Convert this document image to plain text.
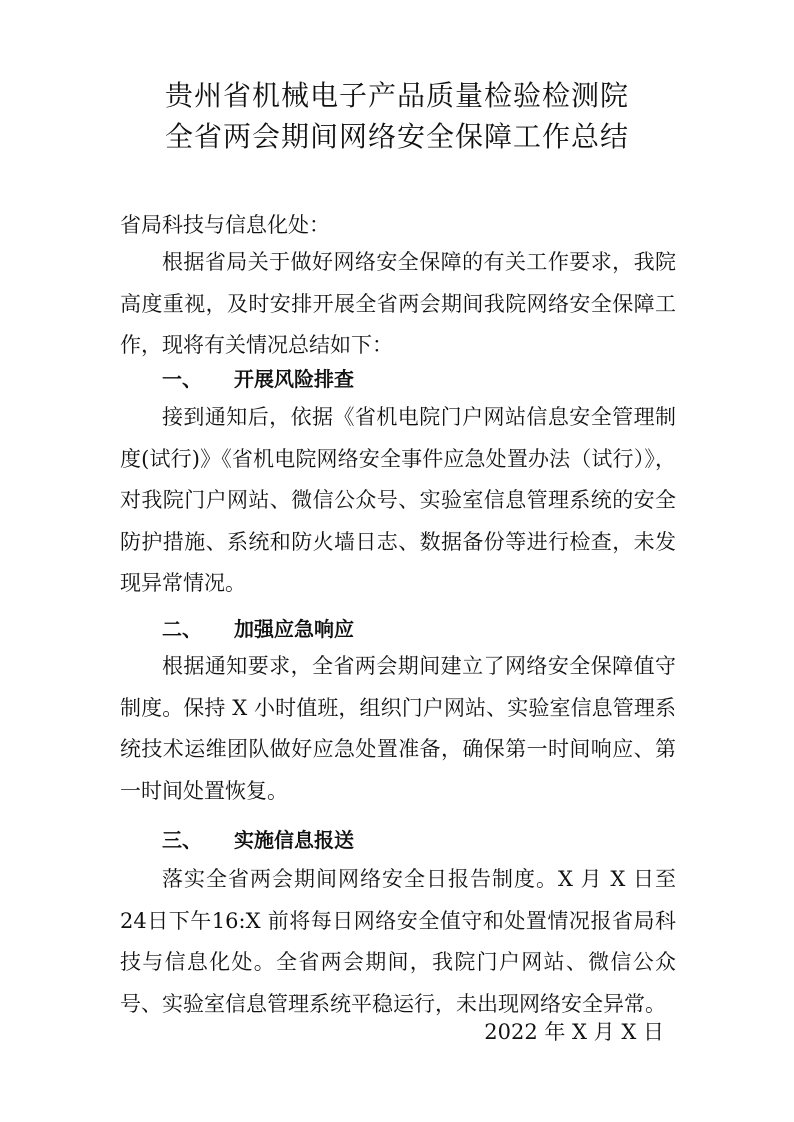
贵州省机械电子产品质量检验检测院
全省两会期间网络安全保障工作总结
省局科技与信息化处：

根据省局关于做好网络安全保障的有关工作要求，我院高度重视，及时安排开展全省两会期间我院网络安全保障工作，现将有关情况总结如下：

一、 开展风险排查

接到通知后，依据《省机电院门户网站信息安全管理制度(试行)》《省机电院网络安全事件应急处置办法（试行）》，对我院门户网站、微信公众号、实验室信息管理系统的安全防护措施、系统和防火墙日志、数据备份等进行检查，未发现异常情况。

二、 加强应急响应

根据通知要求，全省两会期间建立了网络安全保障值守制度。保持 X 小时值班，组织门户网站、实验室信息管理系统技术运维团队做好应急处置准备，确保第一时间响应、第一时间处置恢复。

三、 实施信息报送

落实全省两会期间网络安全日报告制度。X 月 X 日至24日下午16:X 前将每日网络安全值守和处置情况报省局科技与信息化处。全省两会期间，我院门户网站、微信公众号、实验室信息管理系统平稳运行，未出现网络安全异常。

2022 年 X 月 X 日
